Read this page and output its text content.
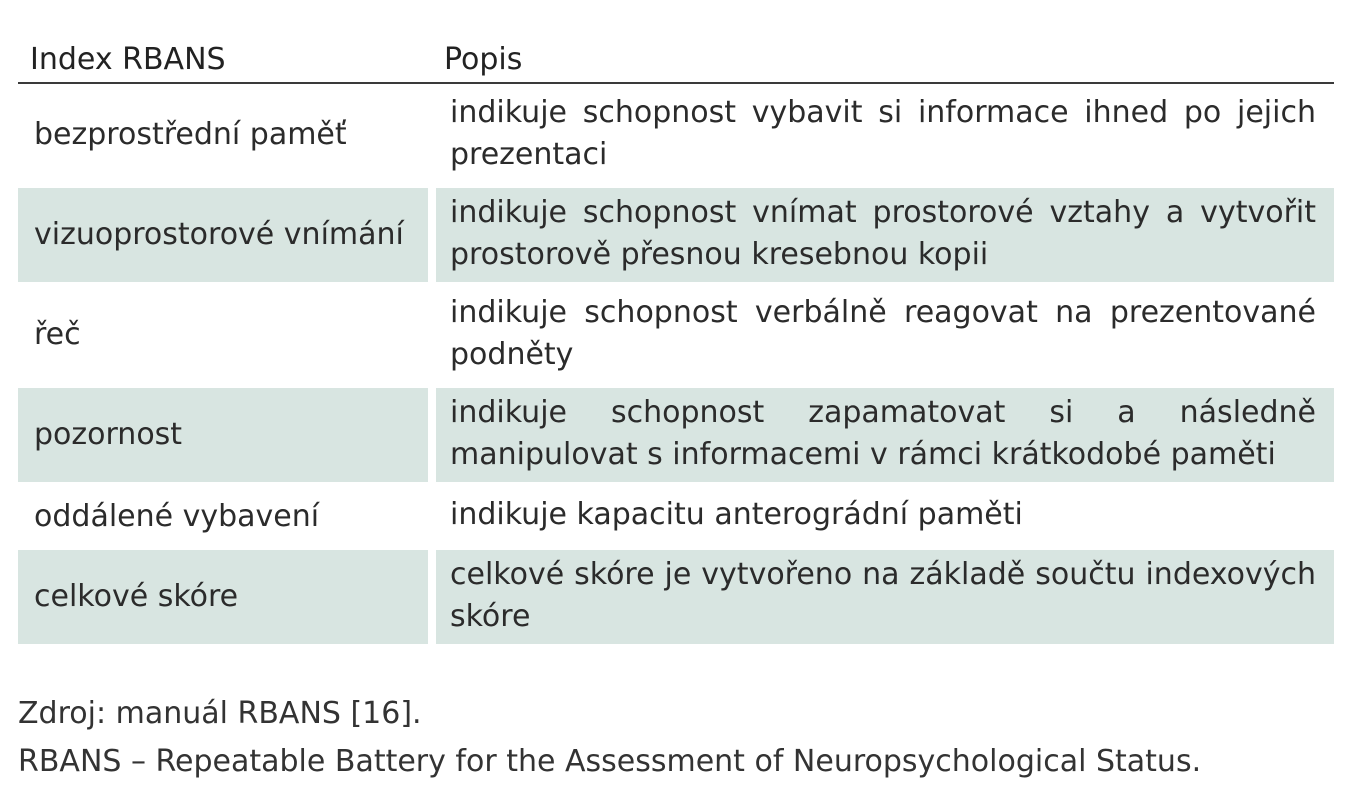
Index RBANS	Popis
bezprostřední paměť
indikuje schopnost vybavit si informace ihned po jejich prezentaci
vizuoprostorové vnímání
indikuje schopnost vnímat prostorové vztahy a vytvořit prostorově přesnou kresebnou kopii
řeč
indikuje schopnost verbálně reagovat na prezentované podněty
pozornost
indikuje schopnost zapamatovat si a následně manipulovat s informacemi v rámci krátkodobé paměti
oddálené vybavení	indikuje kapacitu anterográdní paměti
celkové skóre
celkové skóre je vytvořeno na základě součtu indexových skóre
Zdroj: manuál RBANS [16].
RBANS – Repeatable Battery for the Assessment of Neuropsychological Status.
